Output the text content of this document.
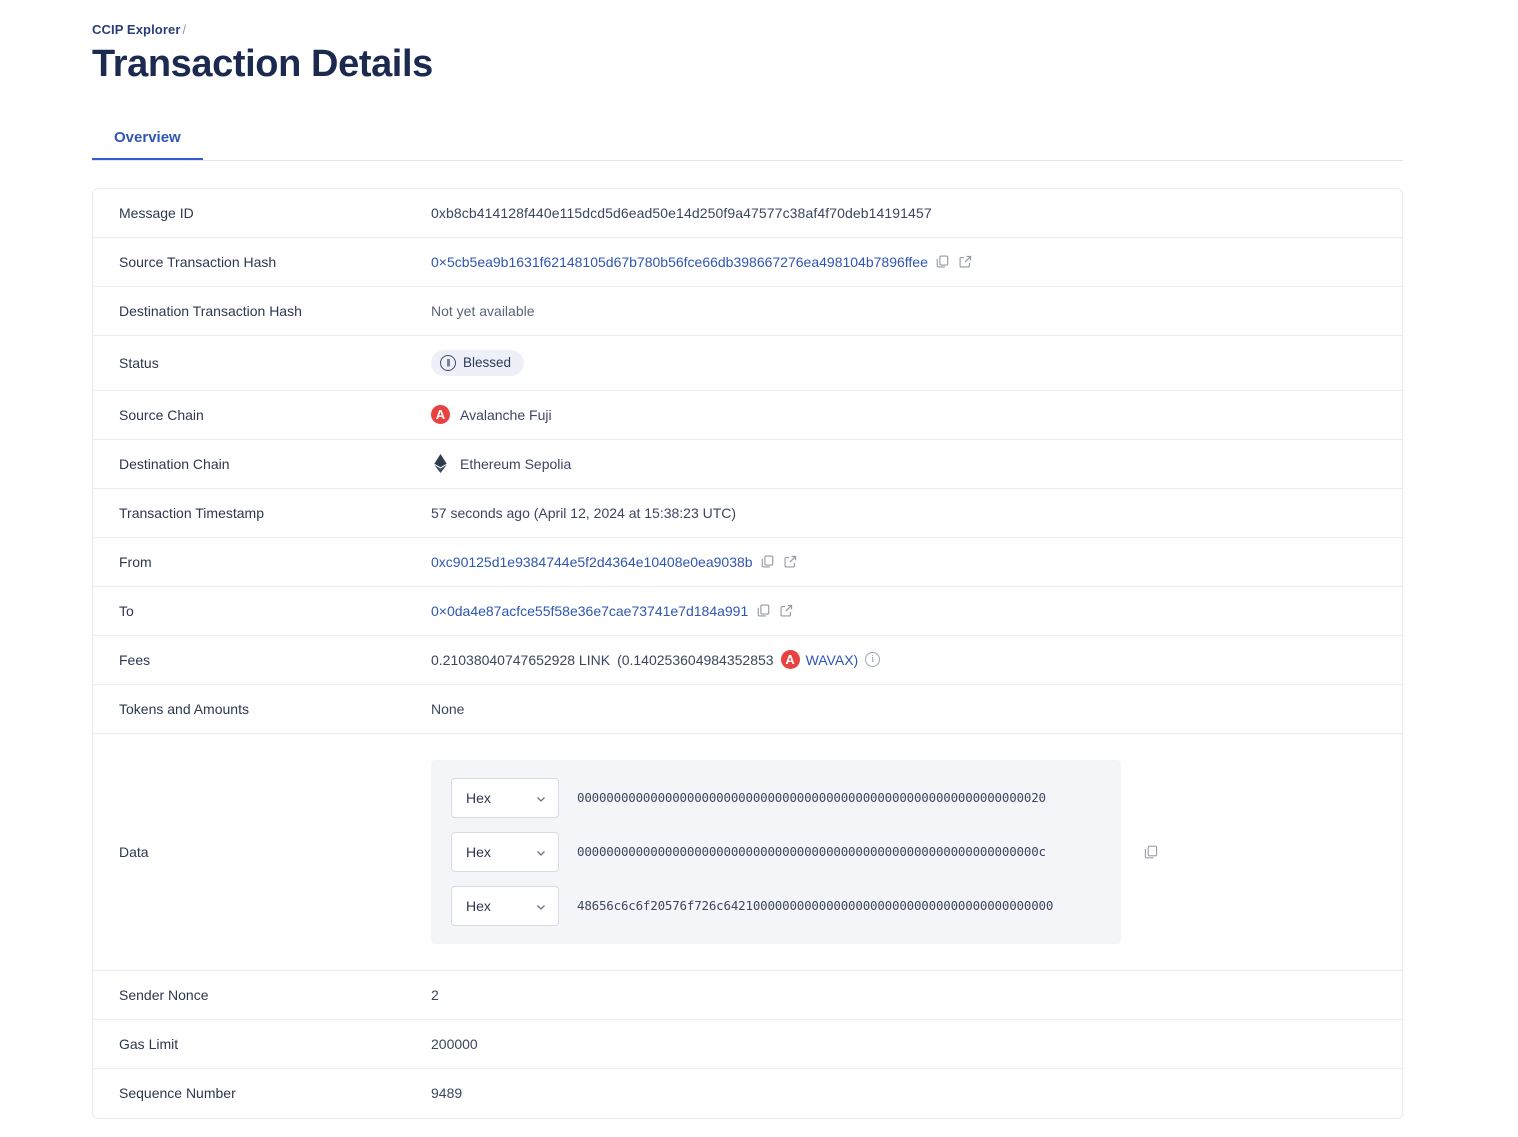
CCIP Explorer /
Transaction Details
Overview
Message ID	0xb8cb414128f440e115dcd5d6ead50e14d250f9a47577c38af4f70deb14191457
Source Transaction Hash	0×5cb5ea9b1631f62148105d67b780b56fce66db398667276ea498104b7896ffee
Destination Transaction Hash	Not yet available
Status	||| Blessed
Source Chain	A	Avalanche Fuji
Destination Chain	Ethereum Sepolia
Transaction Timestamp	57 seconds ago (April 12, 2024 at 15:38:23 UTC)
From	0xc90125d1e9384744e5f2d4364e10408e0ea9038b
To	0×0da4e87acfce55f58e36e7cae73741e7d184a991
Fees	0.21038040747652928 LINK (0.140253604984352853 A WAVAX)	i
Tokens and Amounts	None
Data
Hex	0000000000000000000000000000000000000000000000000000000000000020
Hex	000000000000000000000000000000000000000000000000000000000000000c
Hex	48656c6c6f20576f726c642100000000000000000000000000000000000000000
Sender Nonce	2
Gas Limit	200000
Sequence Number	9489
